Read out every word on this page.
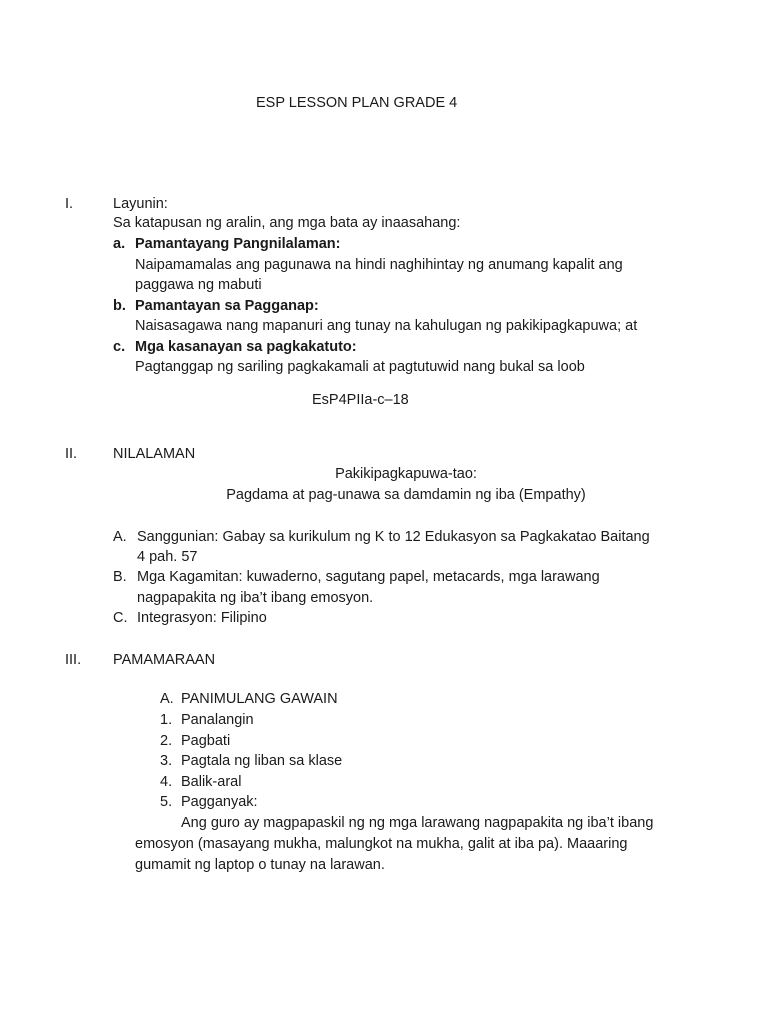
ESP LESSON PLAN GRADE 4
I.	Layunin:
Sa katapusan ng aralin, ang mga bata ay inaasahang:
a. Pamantayang Pangnilalaman:
Naipamamalas ang pagunawa na hindi naghihintay ng anumang kapalit ang
paggawa ng mabuti
b. Pamantayan sa Pagganap:
Naisasagawa nang mapanuri ang tunay na kahulugan ng pakikipagkapuwa; at
c. Mga kasanayan sa pagkakatuto:
Pagtanggap ng sariling pagkakamali at pagtutuwid nang bukal sa loob
EsP4PIIa-c–18
II. NILALAMAN
Pakikipagkapuwa-tao:
Pagdama at pag-unawa sa damdamin ng iba (Empathy)
A. Sanggunian: Gabay sa kurikulum ng K to 12 Edukasyon sa Pagkakatao Baitang
4 pah. 57
B. Mga Kagamitan: kuwaderno, sagutang papel, metacards, mga larawang
nagpapakita ng iba’t ibang emosyon.
C. Integrasyon: Filipino
III. PAMAMARAAN
A. PANIMULANG GAWAIN
1. Panalangin
2. Pagbati
3. Pagtala ng liban sa klase
4. Balik-aral
5. Pagganyak:
Ang guro ay magpapaskil ng ng mga larawang nagpapakita ng iba’t ibang
emosyon (masayang mukha, malungkot na mukha, galit at iba pa). Maaaring
gumamit ng laptop o tunay na larawan.
